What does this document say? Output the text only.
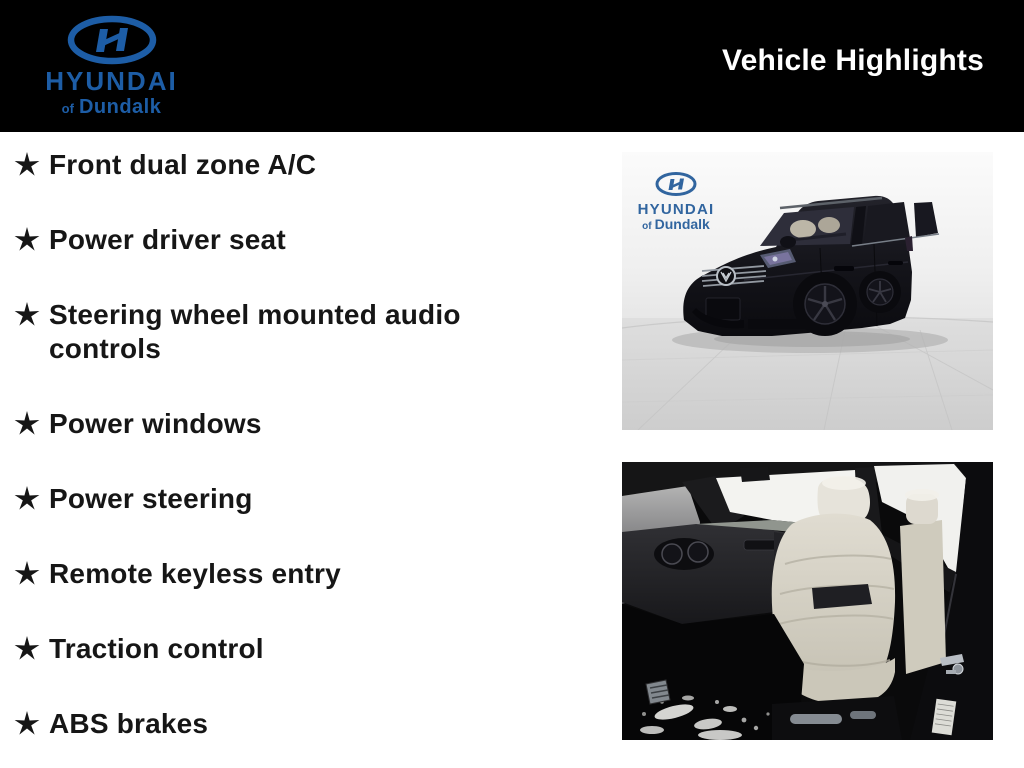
HYUNDAI
of Dundalk
Vehicle Highlights
Front dual zone A/C
Power driver seat
Steering wheel mounted audio controls
Power windows
Power steering
Remote keyless entry
Traction control
ABS brakes
HYUNDAI
of Dundalk
